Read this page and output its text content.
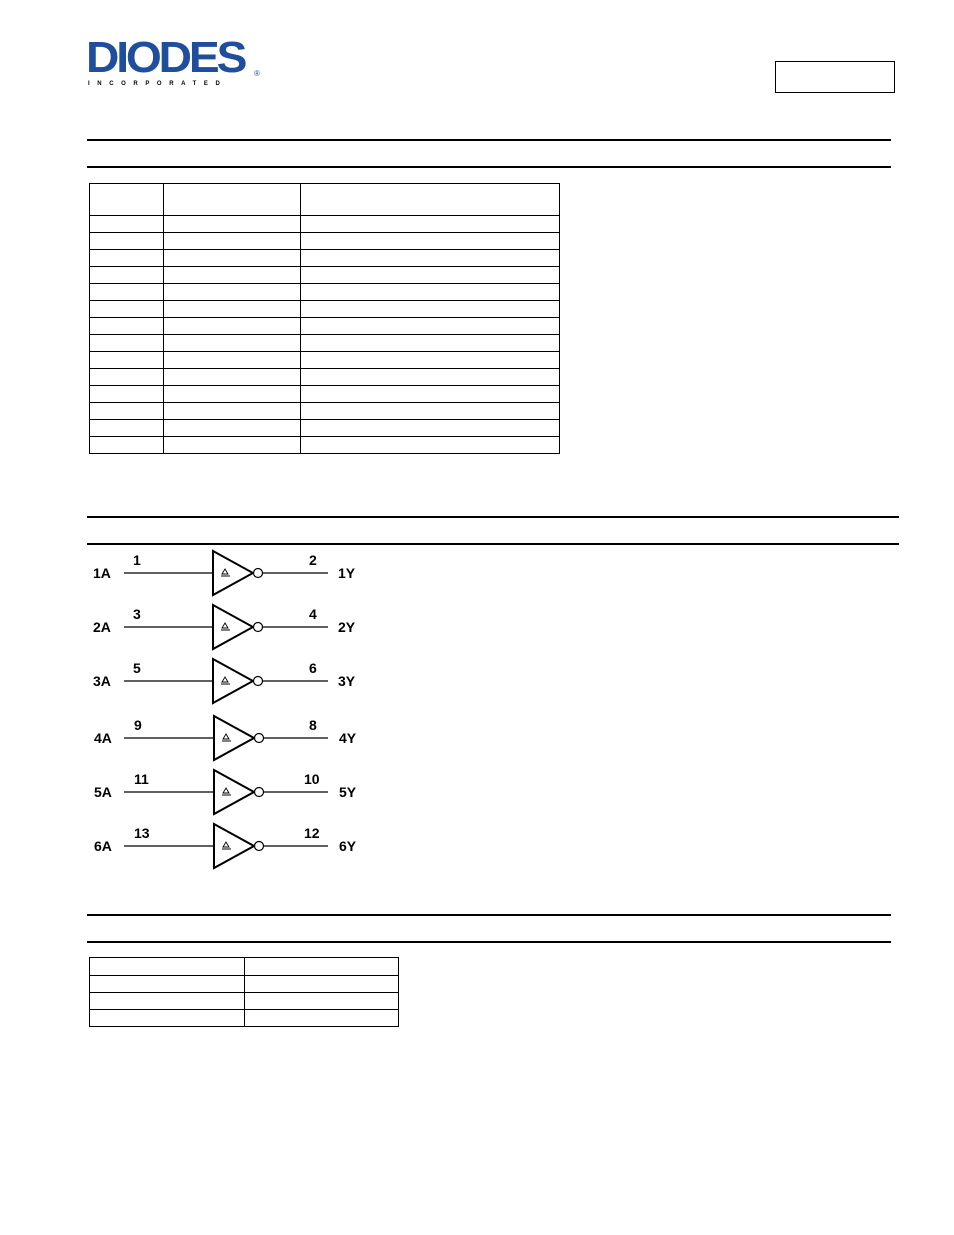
DIODES ®
INCORPORATED

1A
1	2
1Y
2A
3	4
2Y
3A
5	6
3Y
4A
9	8
4Y
5A
11	10
5Y
6A
13	12
6Y
